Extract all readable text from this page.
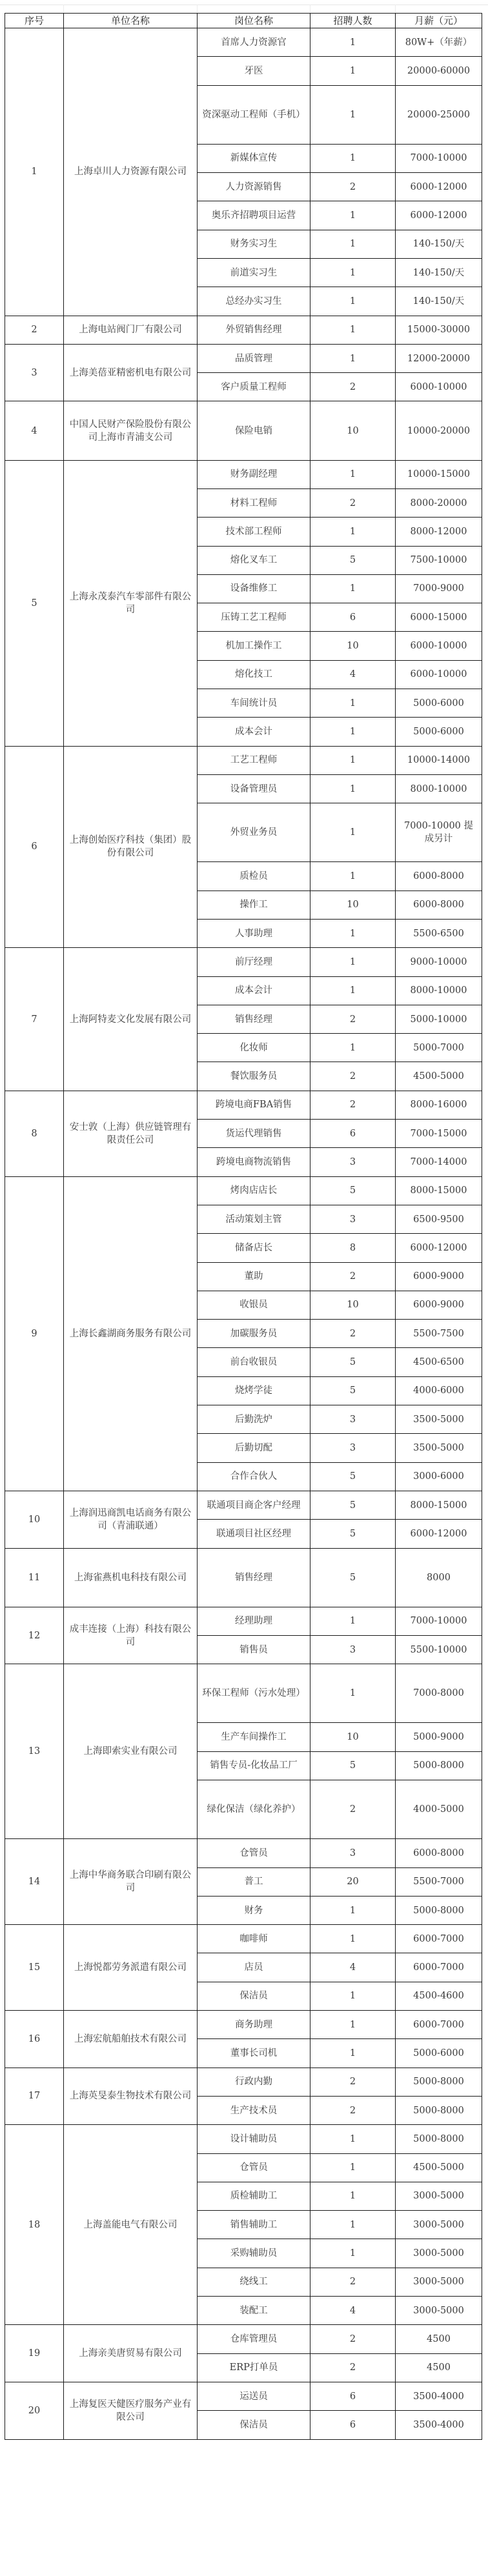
序号	单位名称	岗位名称	招聘人数	月薪（元）
1	上海卓川人力资源有限公司	首席人力资源官	1	80W+（年薪）
		牙医	1	20000-60000
		资深驱动工程师（手机）	1	20000-25000
		新媒体宣传	1	7000-10000
		人力资源销售	2	6000-12000
		奥乐齐招聘项目运营	1	6000-12000
		财务实习生	1	140-150/天
		前道实习生	1	140-150/天
		总经办实习生	1	140-150/天
2	上海电站阀门厂有限公司	外贸销售经理	1	15000-30000
3	上海美蓓亚精密机电有限公司	品质管理	1	12000-20000
		客户质量工程师	2	6000-10000
4	中国人民财产保险股份有限公司上海市青浦支公司	保险电销	10	10000-20000
5	上海永茂泰汽车零部件有限公司	财务副经理	1	10000-15000
		材料工程师	2	8000-20000
		技术部工程师	1	8000-12000
		熔化叉车工	5	7500-10000
		设备维修工	1	7000-9000
		压铸工艺工程师	6	6000-15000
		机加工操作工	10	6000-10000
		熔化技工	4	6000-10000
		车间统计员	1	5000-6000
		成本会计	1	5000-6000
6	上海创始医疗科技（集团）股份有限公司	工艺工程师	1	10000-14000
		设备管理员	1	8000-10000
		外贸业务员	1	7000-10000 提成另计
		质检员	1	6000-8000
		操作工	10	6000-8000
		人事助理	1	5500-6500
7	上海阿特麦文化发展有限公司	前厅经理	1	9000-10000
		成本会计	1	8000-10000
		销售经理	2	5000-10000
		化妆师	1	5000-7000
		餐饮服务员	2	4500-5000
8	安士敦（上海）供应链管理有限责任公司	跨境电商FBA销售	2	8000-16000
		货运代理销售	6	7000-15000
		跨境电商物流销售	3	7000-14000
9	上海长鑫湖商务服务有限公司	烤肉店店长	5	8000-15000
		活动策划主管	3	6500-9500
		储备店长	8	6000-12000
		董助	2	6000-9000
		收银员	10	6000-9000
		加碳服务员	2	5500-7500
		前台收银员	5	4500-6500
		烧烤学徒	5	4000-6000
		后勤洗炉	3	3500-5000
		后勤切配	3	3500-5000
		合作合伙人	5	3000-6000
10	上海润迅商凯电话商务有限公司（青浦联通）	联通项目商企客户经理	5	8000-15000
		联通项目社区经理	5	6000-12000
11	上海雀燕机电科技有限公司	销售经理	5	8000
12	成丰连接（上海）科技有限公司	经理助理	1	7000-10000
		销售员	3	5500-10000
13	上海即索实业有限公司	环保工程师（污水处理）	1	7000-8000
		生产车间操作工	10	5000-9000
		销售专员-化妆品工厂	5	5000-8000
		绿化保洁（绿化养护）	2	4000-5000
14	上海中华商务联合印刷有限公司	仓管员	3	6000-8000
		普工	20	5500-7000
		财务	1	5000-8000
15	上海悦都劳务派遣有限公司	咖啡师	1	6000-7000
		店员	4	6000-7000
		保洁员	1	4500-4600
16	上海宏航船舶技术有限公司	商务助理	1	6000-7000
		董事长司机	1	5000-6000
17	上海英旻泰生物技术有限公司	行政内勤	2	5000-8000
		生产技术员	2	5000-8000
18	上海盖能电气有限公司	设计辅助员	1	5000-8000
		仓管员	1	4500-5000
		质检辅助工	1	3000-5000
		销售辅助工	1	3000-5000
		采购辅助员	1	3000-5000
		绕线工	2	3000-5000
		装配工	4	3000-5000
19	上海亲美唐贸易有限公司	仓库管理员	2	4500
		ERP打单员	2	4500
20	上海复医天健医疗服务产业有限公司	运送员	6	3500-4000
		保洁员	6	3500-4000
